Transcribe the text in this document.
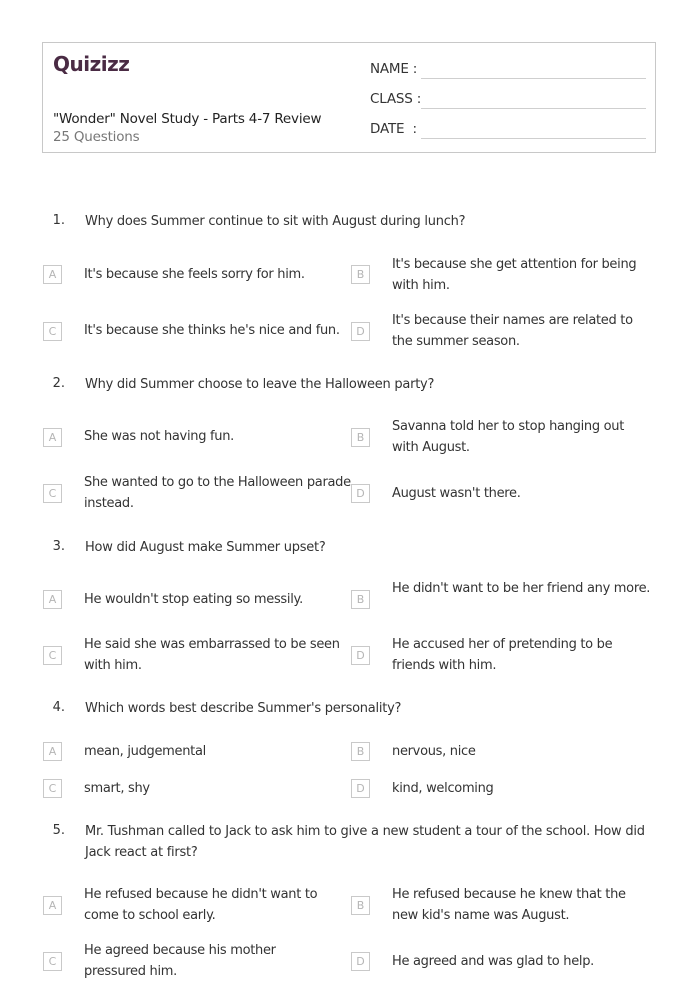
Quizizz
"Wonder" Novel Study - Parts 4-7 Review
25 Questions
NAME :
CLASS :
DATE  :
1. Why does Summer continue to sit with August during lunch?
A	It's because she feels sorry for him.	B
It's because she get attention for being with him.
C	It's because she thinks he's nice and fun.	D
It's because their names are related to the summer season.
2. Why did Summer choose to leave the Halloween party?
A	She was not having fun.	B
Savanna told her to stop hanging out with August.
C
She wanted to go to the Halloween parade instead.
D	August wasn't there.
3. How did August make Summer upset?
A	He wouldn't stop eating so messily.	B
He didn't want to be her friend any more.
C
He said she was embarrassed to be seen with him.
D
He accused her of pretending to be friends with him.
4. Which words best describe Summer's personality?
A	mean, judgemental	B	nervous, nice
C	smart, shy	D	kind, welcoming
5. Mr. Tushman called to Jack to ask him to give a new student a tour of the school. How did Jack react at first?
A
He refused because he didn't want to come to school early.
B
He refused because he knew that the new kid's name was August.
C
He agreed because his mother pressured him.
D	He agreed and was glad to help.
